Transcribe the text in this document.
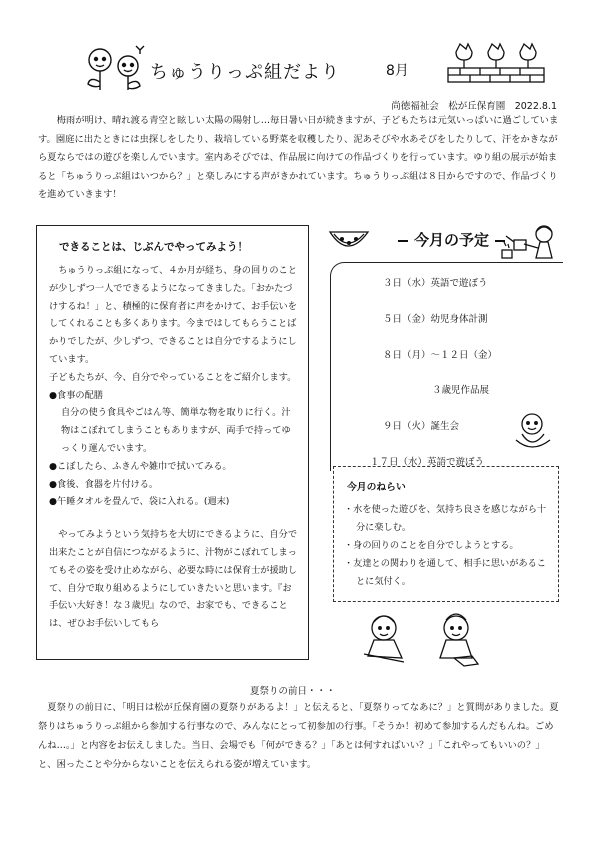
ちゅうりっぷ組だより	8月
尚徳福祉会　松が丘保育園　2022.8.1

梅雨が明け、晴れ渡る青空と眩しい太陽の陽射し…毎日暑い日が続きますが、子どもたちは元気いっぱいに過ごしています。園庭に出たときには虫探しをしたり、栽培している野菜を収穫したり、泥あそびや水あそびをしたりして、汗をかきながら夏ならではの遊びを楽しんでいます。室内あそびでは、作品展に向けての作品づくりを行っています。ゆり組の展示が始まると「ちゅうりっぷ組はいつから？」と楽しみにする声がきかれています。ちゅうりっぷ組は８日からですので、作品づくりを進めていきます！

できることは、じぶんでやってみよう！

ちゅうりっぷ組になって、４か月が経ち、身の回りのことが少しずつ一人でできるようになってきました。「おかたづけするね！」と、積極的に保育者に声をかけて、お手伝いをしてくれることも多くあります。今まではしてもらうことばかりでしたが、少しずつ、できることは自分でするようにしています。

子どもたちが、今、自分でやっていることをご紹介します。

●食事の配膳

自分の使う食具やごはん等、簡単な物を取りに行く。汁物はこぼれてしまうこともありますが、両手で持ってゆっくり運んでいます。

●こぼしたら、ふきんや雑巾で拭いてみる。

●食後、食器を片付ける。

●午睡タオルを畳んで、袋に入れる。(週末)

やってみようという気持ちを大切にできるように、自分で出来たことが自信につながるように、汁物がこぼれてしまってもその姿を受け止めながら、必要な時には保育士が援助して、自分で取り組めるようにしていきたいと思います。『お手伝い大好き！な３歳児』なので、お家でも、できることは、ぜひお手伝いしてもら

今月の予定
３日（水）英語で遊ぼう
５日（金）幼児身体計測
８日（月）～１２日（金）
３歳児作品展
９日（火）誕生会
１７日（水）英語で遊ぼう
今月のねらい
・水を使った遊びを、気持ち良さを感じながら十分に楽しむ。
・身の回りのことを自分でしようとする。
・友達との関わりを通して、相手に思いがあることに気付く。
夏祭りの前日・・・

夏祭りの前日に、「明日は松が丘保育園の夏祭りがあるよ！」と伝えると、「夏祭りってなあに？」と質問がありました。夏祭りはちゅうりっぷ組から参加する行事なので、みんなにとって初参加の行事。「そうか！初めて参加するんだもんね。ごめんね…。」と内容をお伝えしました。当日、会場でも「何ができる？」「あとは何すればいい？」「これやってもいいの？」と、困ったことや分からないことを伝えられる姿が増えています。
